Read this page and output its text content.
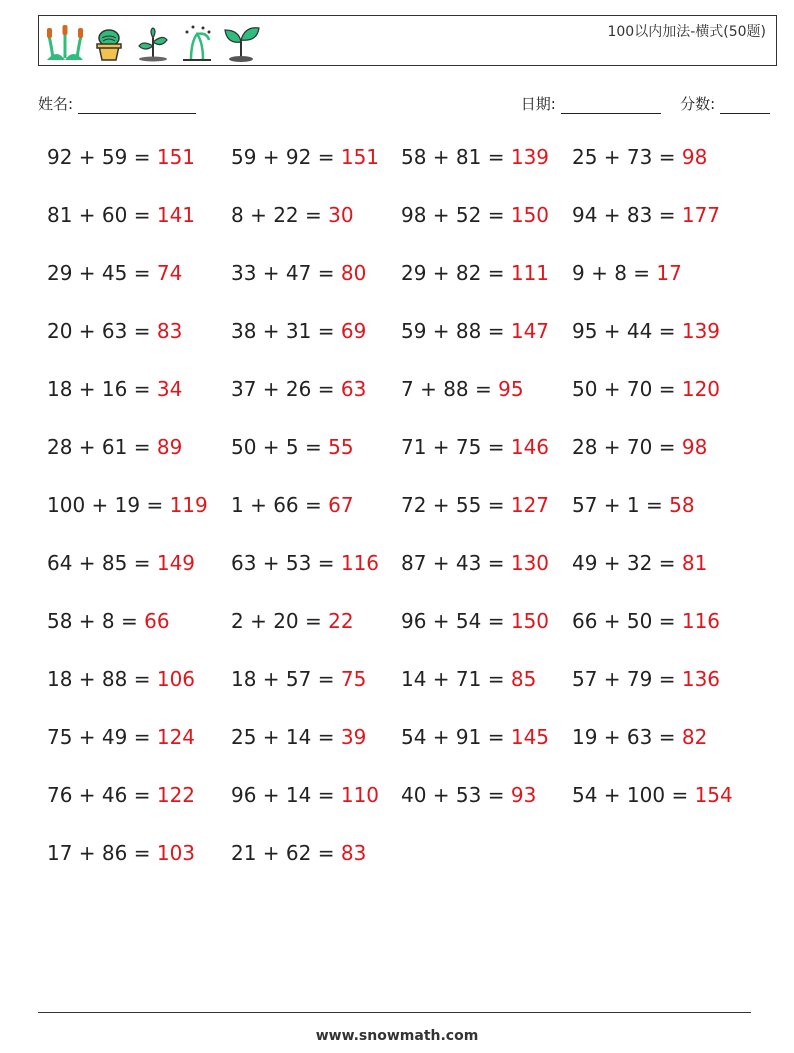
100以内加法-横式(50题)
姓名:	日期:	分数:
92 + 59 = 151 59 + 92 = 151 58 + 81 = 139 25 + 73 = 98
81 + 60 = 141 8 + 22 = 30 98 + 52 = 150 94 + 83 = 177
29 + 45 = 74 33 + 47 = 80 29 + 82 = 111 9 + 8 = 17
20 + 63 = 83 38 + 31 = 69 59 + 88 = 147 95 + 44 = 139
18 + 16 = 34 37 + 26 = 63 7 + 88 = 95 50 + 70 = 120
28 + 61 = 89 50 + 5 = 55 71 + 75 = 146 28 + 70 = 98
100 + 19 = 119 1 + 66 = 67 72 + 55 = 127 57 + 1 = 58
64 + 85 = 149 63 + 53 = 116 87 + 43 = 130 49 + 32 = 81
58 + 8 = 66	2 + 20 = 22 96 + 54 = 150 66 + 50 = 116
18 + 88 = 106 18 + 57 = 75 14 + 71 = 85 57 + 79 = 136
75 + 49 = 124 25 + 14 = 39 54 + 91 = 145 19 + 63 = 82
76 + 46 = 122 96 + 14 = 110 40 + 53 = 93 54 + 100 = 154
17 + 86 = 103 21 + 62 = 83
www.snowmath.com
